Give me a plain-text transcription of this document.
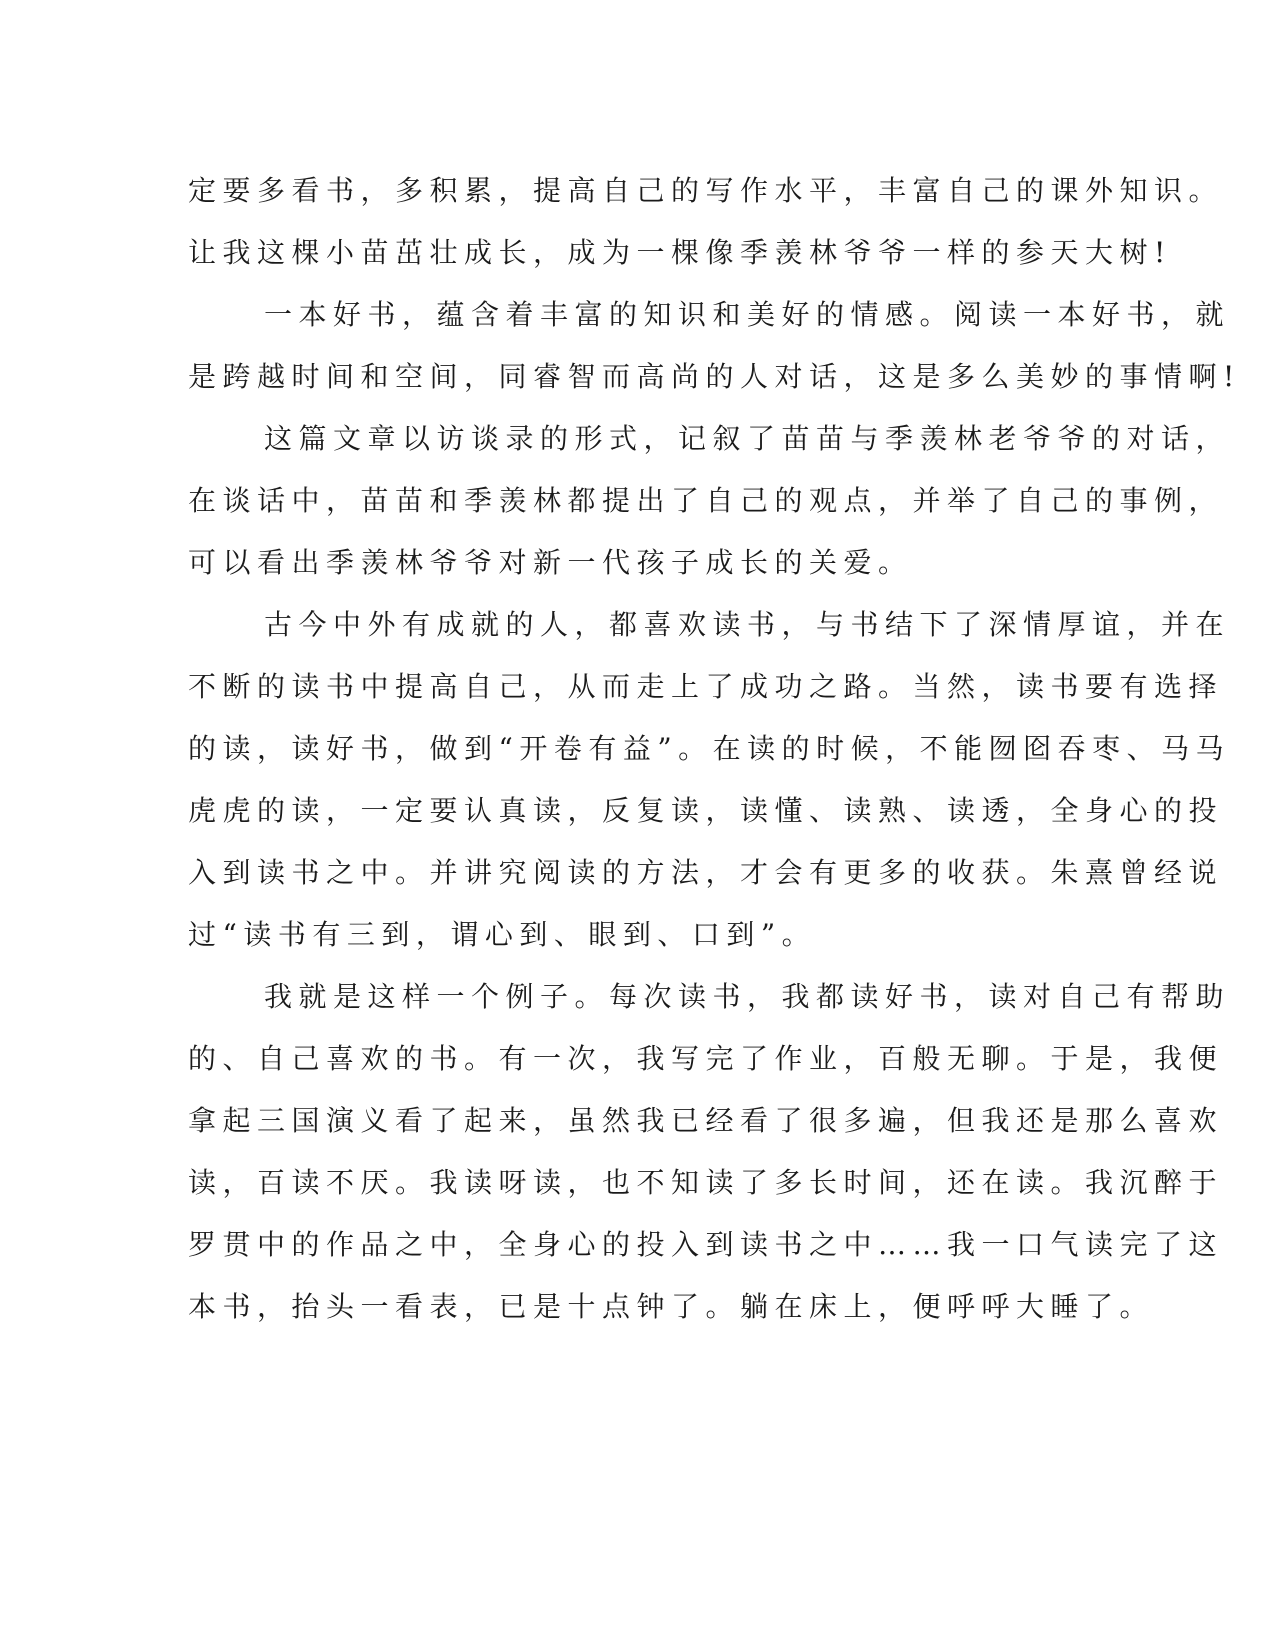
定要多看书，多积累，提高自己的写作水平，丰富自己的课外知识。
让我这棵小苗茁壮成长，成为一棵像季羡林爷爷一样的参天大树!
一本好书，蕴含着丰富的知识和美好的情感。阅读一本好书，就
是跨越时间和空间，同睿智而高尚的人对话，这是多么美妙的事情啊!
这篇文章以访谈录的形式，记叙了苗苗与季羡林老爷爷的对话，
在谈话中，苗苗和季羡林都提出了自己的观点，并举了自己的事例，
可以看出季羡林爷爷对新一代孩子成长的关爱。
古今中外有成就的人，都喜欢读书，与书结下了深情厚谊，并在
不断的读书中提高自己，从而走上了成功之路。当然，读书要有选择
的读，读好书，做到“开卷有益”。在读的时候，不能囫囵吞枣、马马
虎虎的读，一定要认真读，反复读，读懂、读熟、读透，全身心的投
入到读书之中。并讲究阅读的方法，才会有更多的收获。朱熹曾经说
过“读书有三到，谓心到、眼到、口到”。
我就是这样一个例子。每次读书，我都读好书，读对自己有帮助
的、自己喜欢的书。有一次，我写完了作业，百般无聊。于是，我便
拿起三国演义看了起来，虽然我已经看了很多遍，但我还是那么喜欢
读，百读不厌。我读呀读，也不知读了多长时间，还在读。我沉醉于
罗贯中的作品之中，全身心的投入到读书之中……我一口气读完了这
本书，抬头一看表，已是十点钟了。躺在床上，便呼呼大睡了。
